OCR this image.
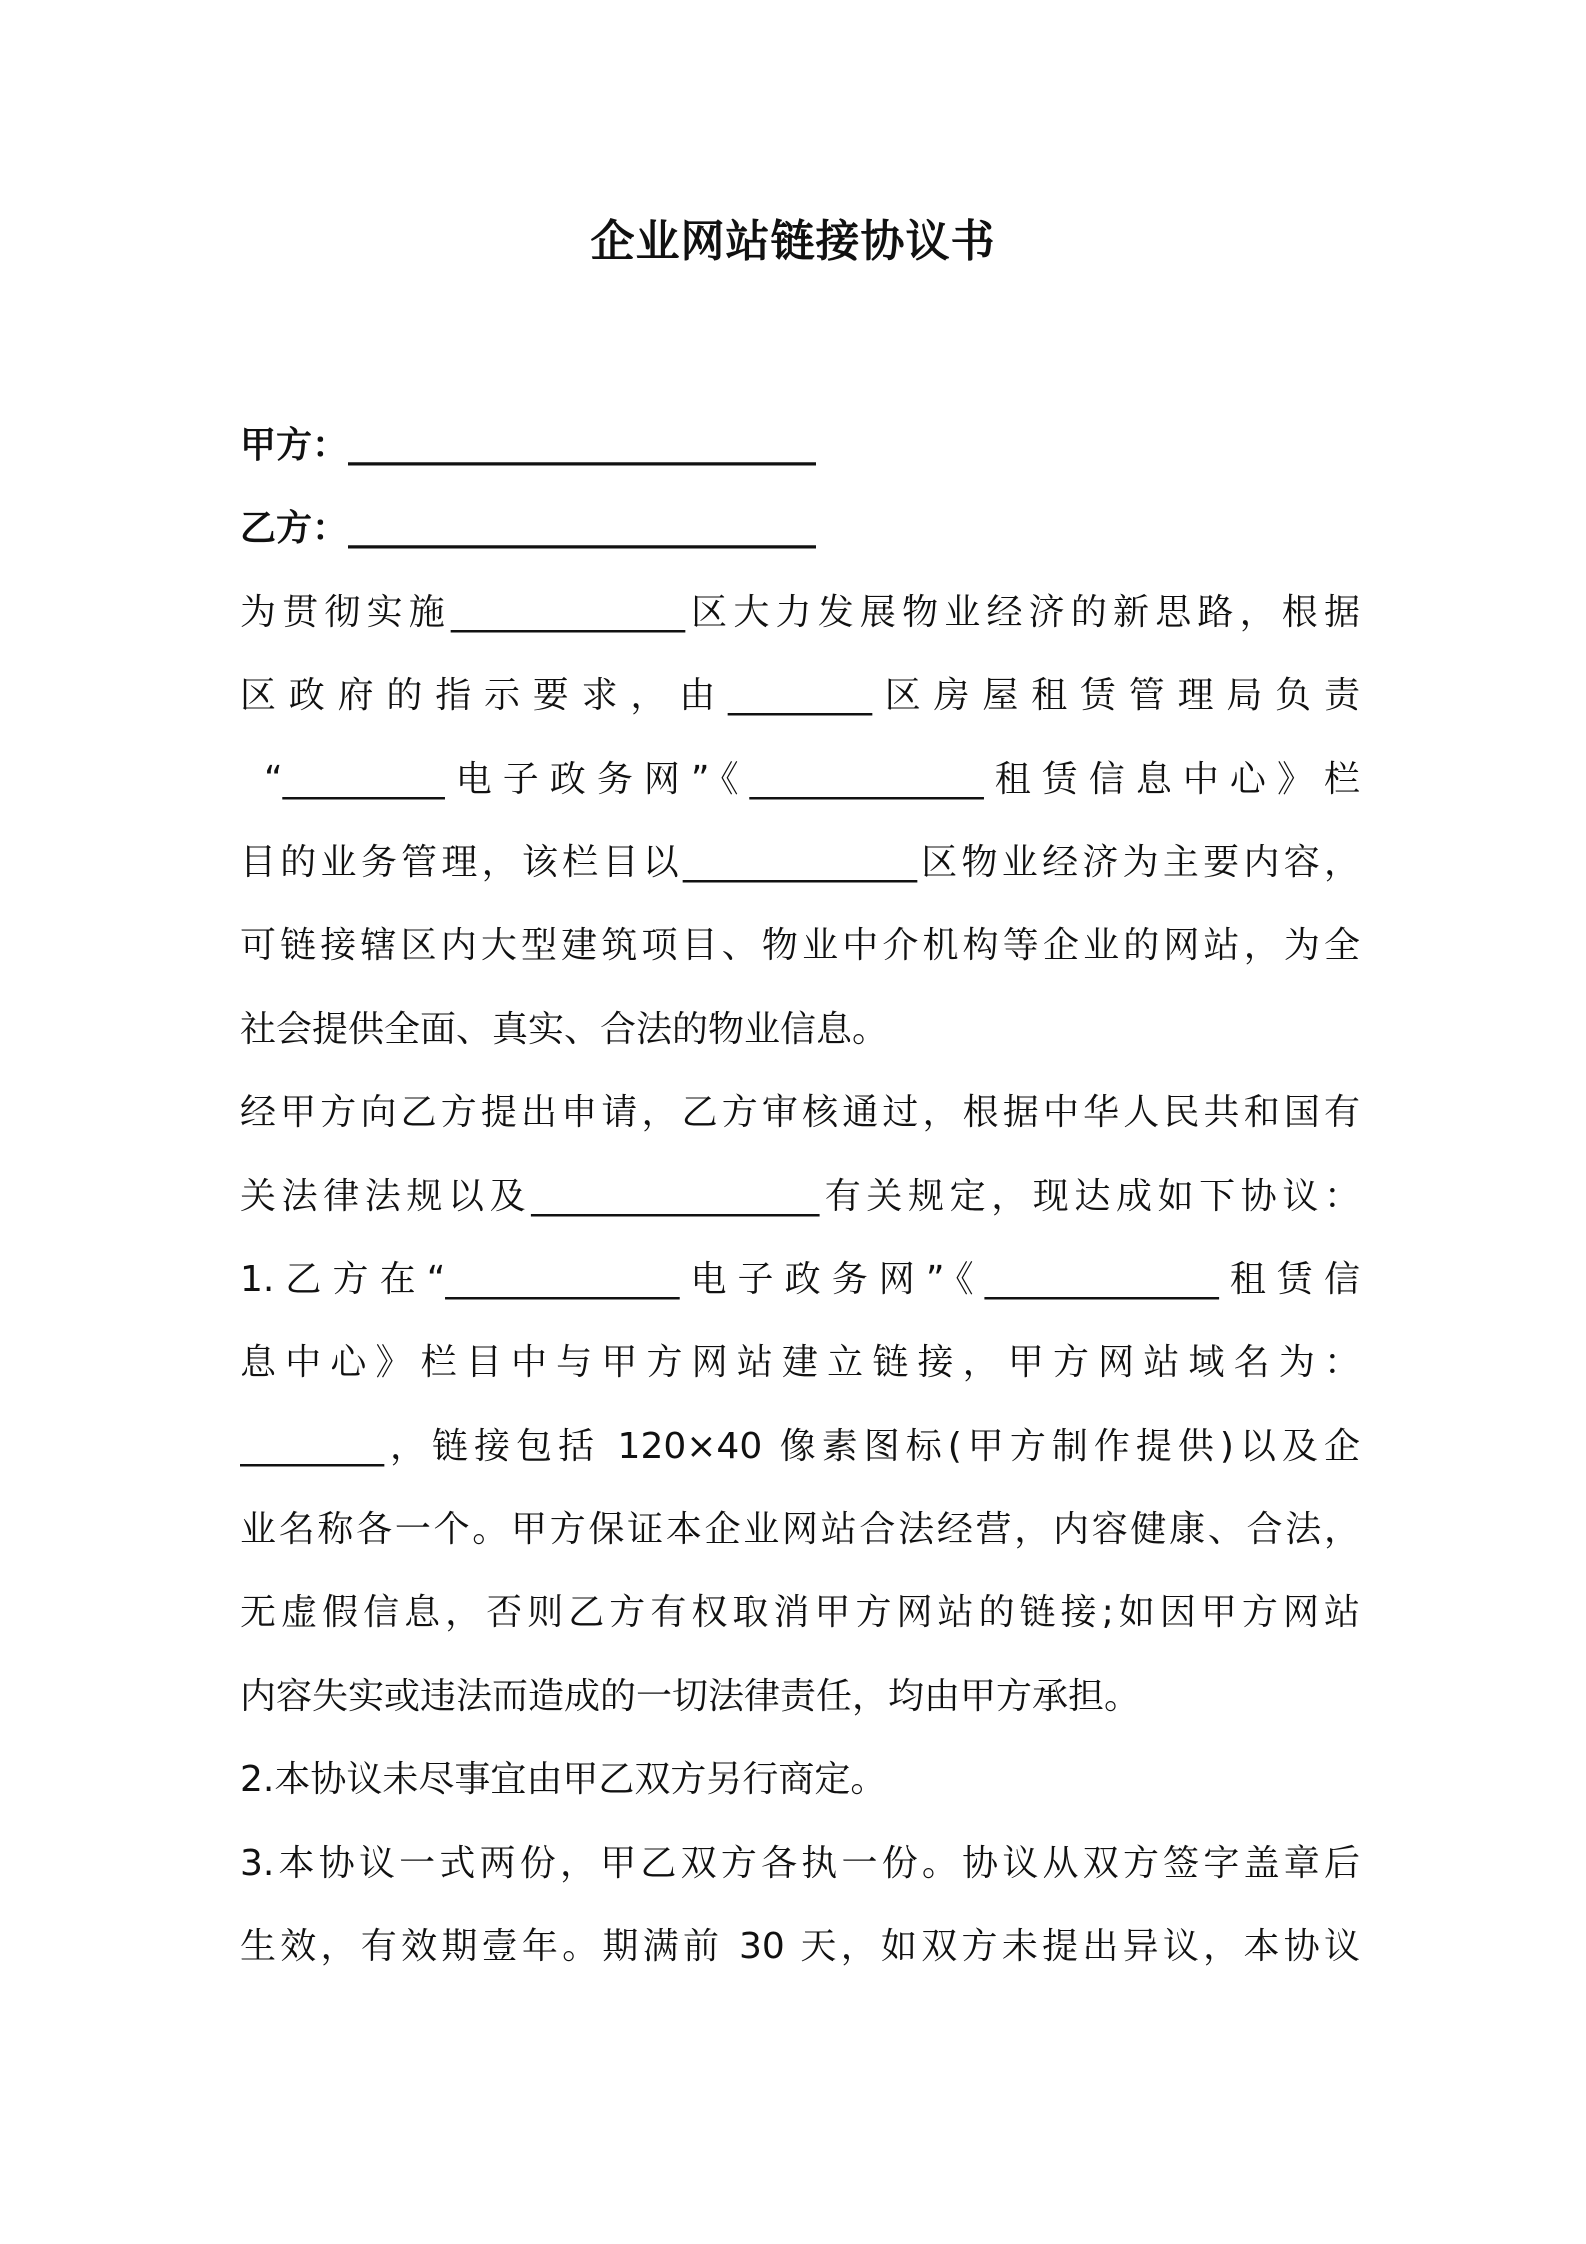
企业网站链接协议书
甲方：__________________________
乙方：__________________________
为贯彻实施_____________区大力发展物业经济的新思路，根据
区政府的指示要求，由________区房屋租赁管理局负责
“_________电子政务网”《_____________租赁信息中心》栏
目的业务管理，该栏目以_____________区物业经济为主要内容，
可链接辖区内大型建筑项目、物业中介机构等企业的网站，为全
社会提供全面、真实、合法的物业信息。
经甲方向乙方提出申请，乙方审核通过，根据中华人民共和国有
关法律法规以及________________有关规定，现达成如下协议：
1.乙方在“_____________电子政务网”《_____________租赁信
息中心》栏目中与甲方网站建立链接，甲方网站域名为：
________，链接包括 120×40 像素图标(甲方制作提供)以及企
业名称各一个。甲方保证本企业网站合法经营，内容健康、合法，
无虚假信息，否则乙方有权取消甲方网站的链接;如因甲方网站
内容失实或违法而造成的一切法律责任，均由甲方承担。
2.本协议未尽事宜由甲乙双方另行商定。
3.本协议一式两份，甲乙双方各执一份。协议从双方签字盖章后
生效，有效期壹年。期满前 30 天，如双方未提出异议，本协议
